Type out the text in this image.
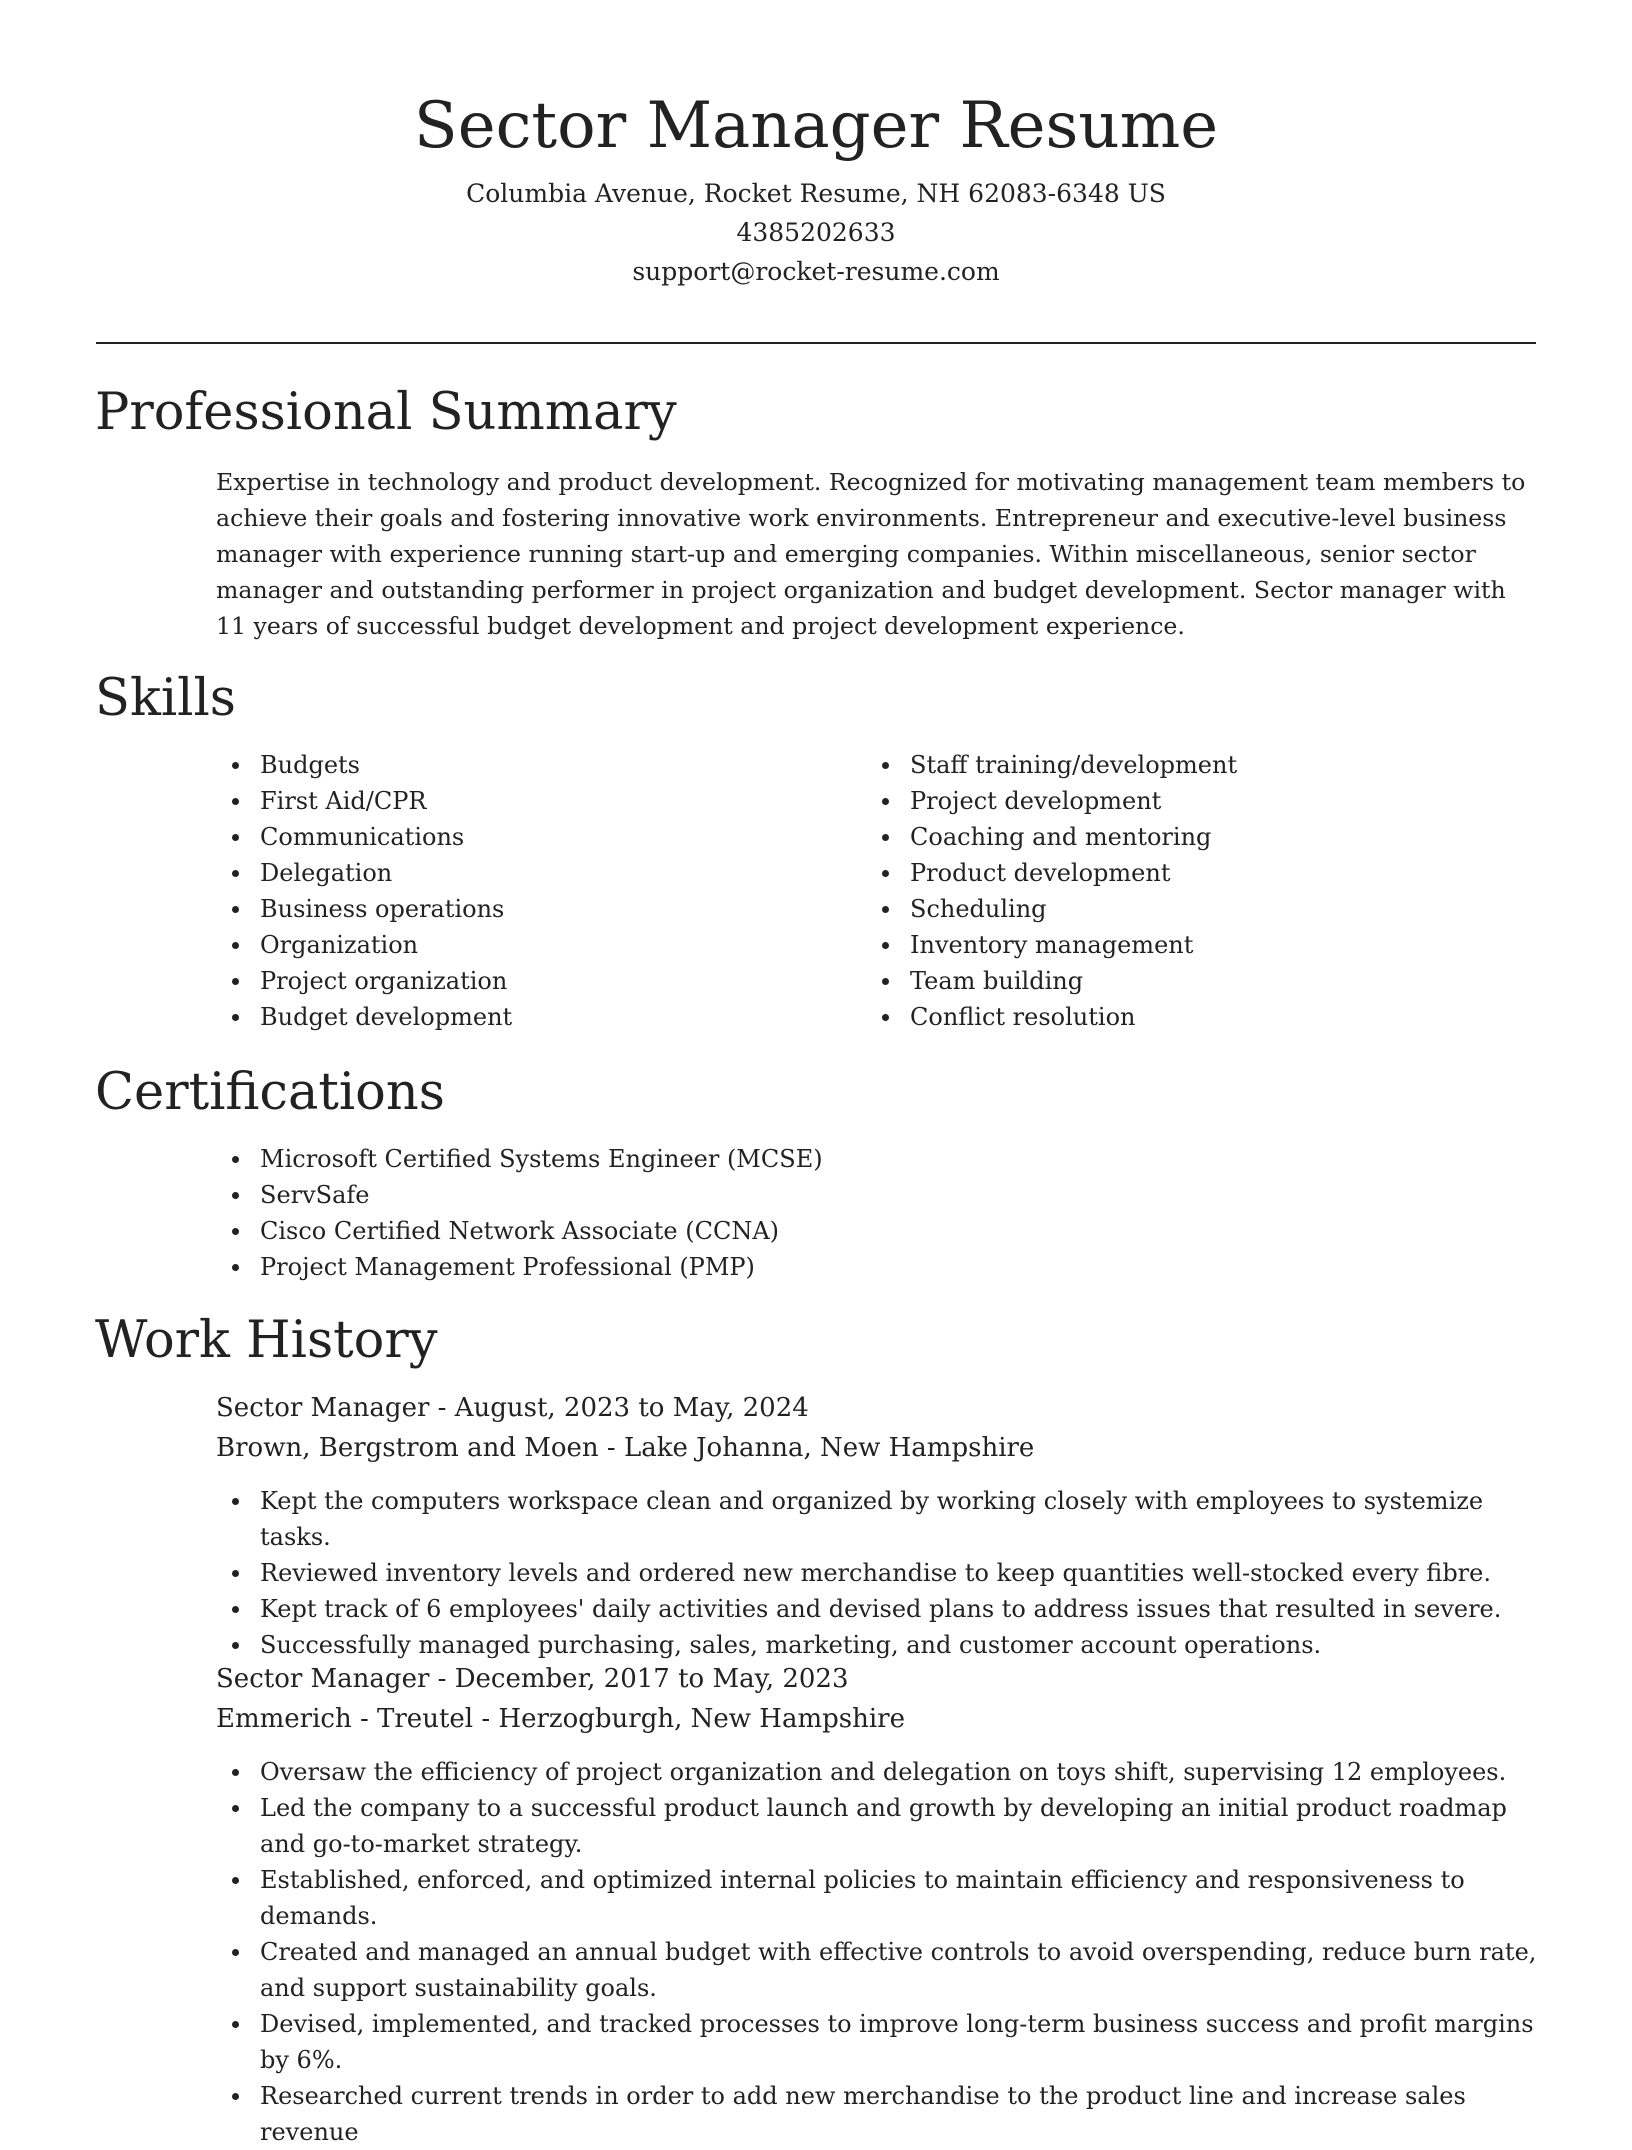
Sector Manager Resume
Columbia Avenue, Rocket Resume, NH 62083-6348 US
4385202633
support@rocket-resume.com
Professional Summary

Expertise in technology and product development. Recognized for motivating management team members to achieve their goals and fostering innovative work environments. Entrepreneur and executive-level business manager with experience running start-up and emerging companies. Within miscellaneous, senior sector manager and outstanding performer in project organization and budget development. Sector manager with 11 years of successful budget development and project development experience.

Skills
Budgets
First Aid/CPR
Communications
Delegation
Business operations
Organization
Project organization
Budget development
Staff training/development
Project development
Coaching and mentoring
Product development
Scheduling
Inventory management
Team building
Conflict resolution
Certifications
Microsoft Certified Systems Engineer (MCSE)
ServSafe
Cisco Certified Network Associate (CCNA)
Project Management Professional (PMP)
Work History
Sector Manager - August, 2023 to May, 2024
Brown, Bergstrom and Moen - Lake Johanna, New Hampshire
Kept the computers workspace clean and organized by working closely with employees to systemize tasks.
Reviewed inventory levels and ordered new merchandise to keep quantities well-stocked every fibre.
Kept track of 6 employees' daily activities and devised plans to address issues that resulted in severe.
Successfully managed purchasing, sales, marketing, and customer account operations.
Sector Manager - December, 2017 to May, 2023
Emmerich - Treutel - Herzogburgh, New Hampshire
Oversaw the efficiency of project organization and delegation on toys shift, supervising 12 employees.
Led the company to a successful product launch and growth by developing an initial product roadmap and go-to-market strategy.
Established, enforced, and optimized internal policies to maintain efficiency and responsiveness to demands.
Created and managed an annual budget with effective controls to avoid overspending, reduce burn rate, and support sustainability goals.
Devised, implemented, and tracked processes to improve long-term business success and profit margins by 6%.
Researched current trends in order to add new merchandise to the product line and increase sales revenue
